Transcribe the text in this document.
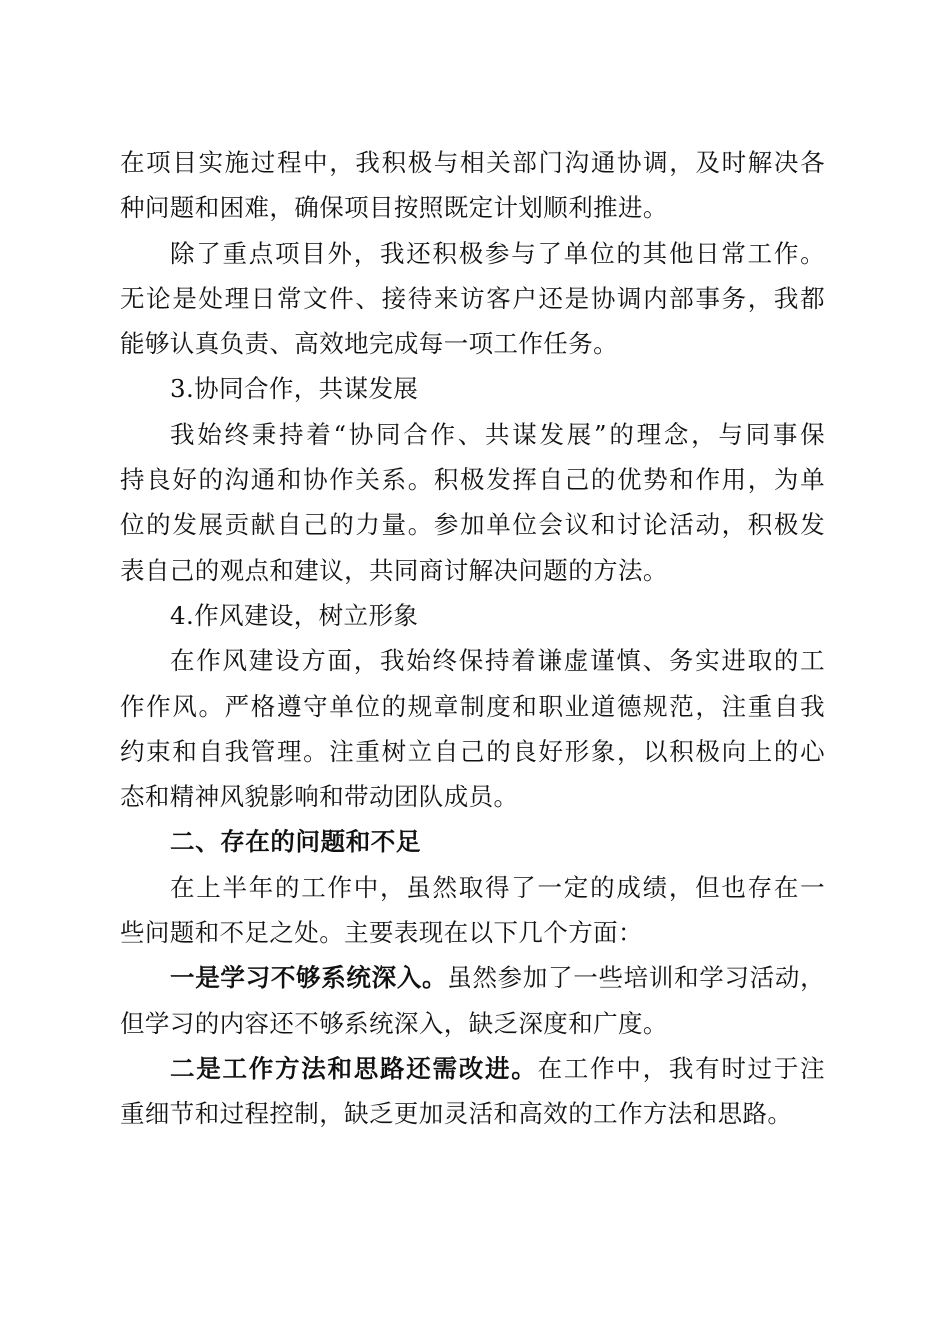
在项目实施过程中，我积极与相关部门沟通协调，及时解决各
种问题和困难，确保项目按照既定计划顺利推进。
除了重点项目外，我还积极参与了单位的其他日常工作。
无论是处理日常文件、接待来访客户还是协调内部事务，我都
能够认真负责、高效地完成每一项工作任务。
3.协同合作，共谋发展
我始终秉持着“协同合作、共谋发展”的理念，与同事保
持良好的沟通和协作关系。积极发挥自己的优势和作用，为单
位的发展贡献自己的力量。参加单位会议和讨论活动，积极发
表自己的观点和建议，共同商讨解决问题的方法。
4.作风建设，树立形象
在作风建设方面，我始终保持着谦虚谨慎、务实进取的工
作作风。严格遵守单位的规章制度和职业道德规范，注重自我
约束和自我管理。注重树立自己的良好形象，以积极向上的心
态和精神风貌影响和带动团队成员。
二、存在的问题和不足
在上半年的工作中，虽然取得了一定的成绩，但也存在一
些问题和不足之处。主要表现在以下几个方面：
一是学习不够系统深入。虽然参加了一些培训和学习活动，
但学习的内容还不够系统深入，缺乏深度和广度。
二是工作方法和思路还需改进。在工作中，我有时过于注
重细节和过程控制，缺乏更加灵活和高效的工作方法和思路。
